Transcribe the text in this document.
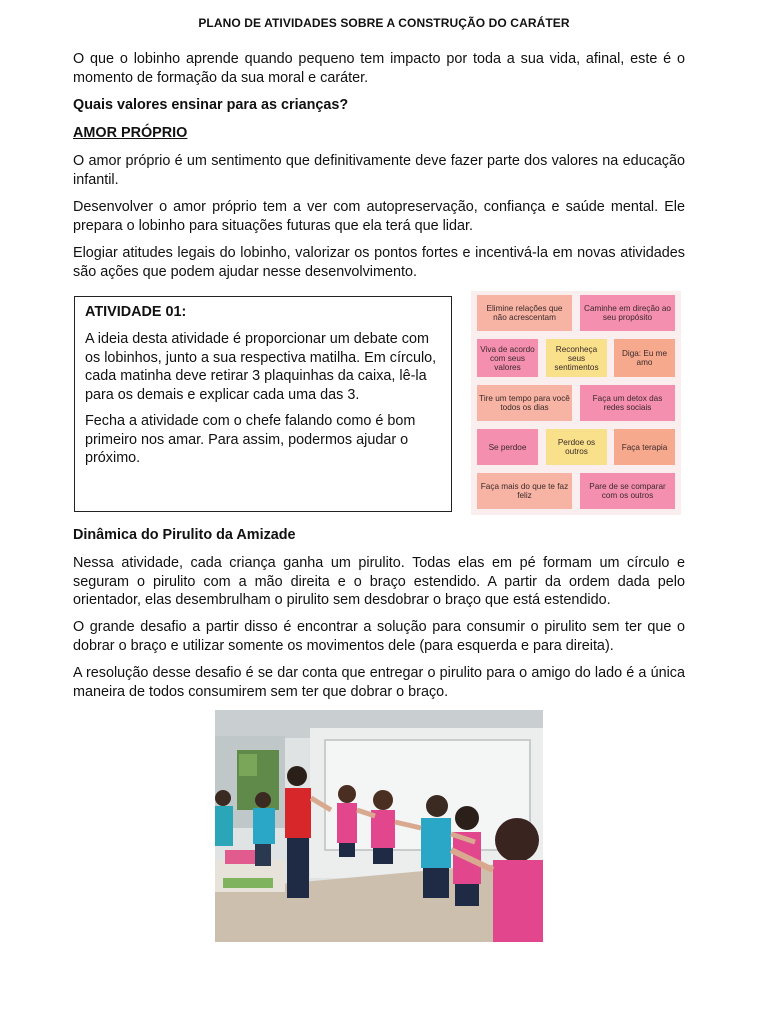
PLANO DE ATIVIDADES SOBRE A CONSTRUÇÃO DO CARÁTER

O que o lobinho aprende quando pequeno tem impacto por toda a sua vida, afinal, este é o momento de formação da sua moral e caráter.

Quais valores ensinar para as crianças?

AMOR PRÓPRIO

O amor próprio é um sentimento que definitivamente deve fazer parte dos valores na educação infantil.

Desenvolver o amor próprio tem a ver com autopreservação, confiança e saúde mental. Ele prepara o lobinho para situações futuras que ela terá que lidar.

Elogiar atitudes legais do lobinho, valorizar os pontos fortes e incentivá-la em novas atividades são ações que podem ajudar nesse desenvolvimento.

ATIVIDADE 01:

A ideia desta atividade é proporcionar um debate com os lobinhos, junto a sua respectiva matilha. Em círculo, cada matinha deve retirar 3 plaquinhas da caixa, lê-la para os demais e explicar cada uma das 3.

Fecha a atividade com o chefe falando como é bom primeiro nos amar. Para assim, podermos ajudar o próximo.

Elimine relações que não acrescentam
Caminhe em direção ao seu propósito
Viva de acordo com seus valores
Reconheça seus sentimentos
Diga: Eu me amo
Tire um tempo para você todos os dias
Faça um detox das redes sociais
Se perdoe	Perdoe os outros	Faça terapia
Faça mais do que te faz feliz
Pare de se comparar com os outros

Dinâmica do Pirulito da Amizade

Nessa atividade, cada criança ganha um pirulito. Todas elas em pé formam um círculo e seguram o pirulito com a mão direita e o braço estendido. A partir da ordem dada pelo orientador, elas desembrulham o pirulito sem desdobrar o braço que está estendido.

O grande desafio a partir disso é encontrar a solução para consumir o pirulito sem ter que o dobrar o braço e utilizar somente os movimentos dele (para esquerda e para direita).

A resolução desse desafio é se dar conta que entregar o pirulito para o amigo do lado é a única maneira de todos consumirem sem ter que dobrar o braço.
